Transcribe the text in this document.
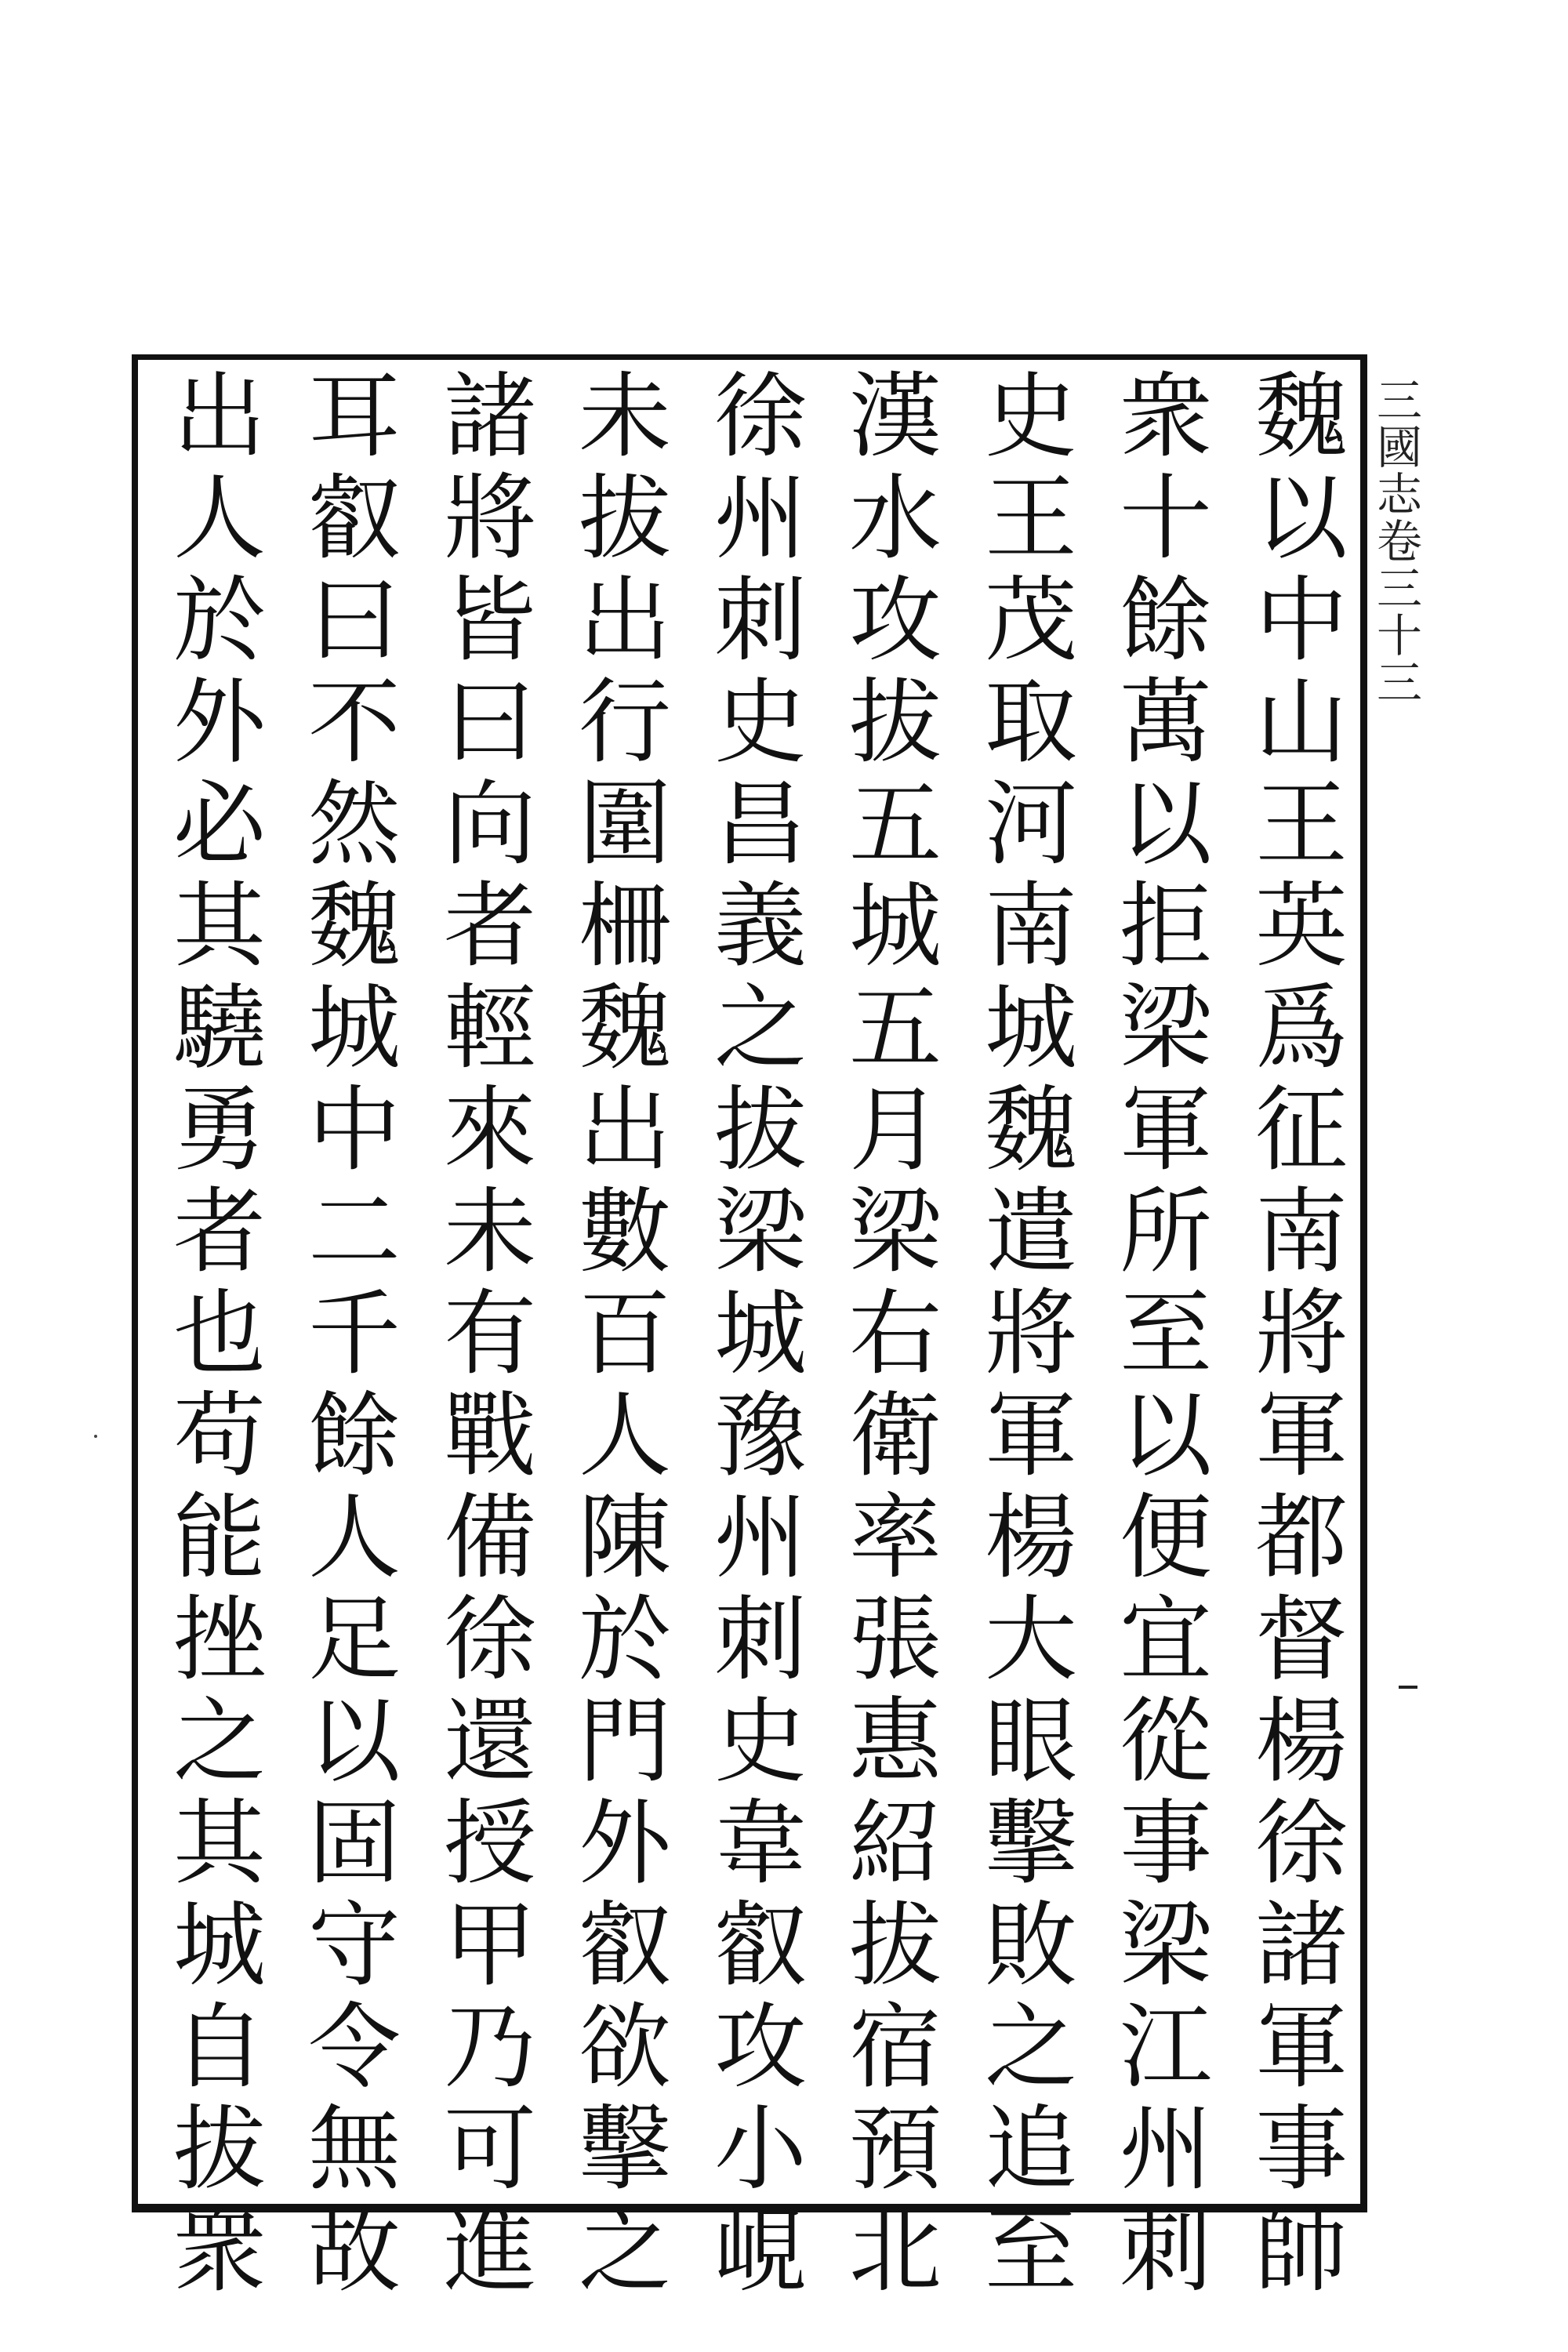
三國志卷三十三
魏以中山王英爲征南將軍都督楊徐諸軍事帥
衆十餘萬以拒梁軍所至以便宜從事梁江州刺
史王茂取河南城魏遣將軍楊大眼擊敗之追至
漢水攻拔五城五月梁右衛率張惠紹拔宿預北
徐州刺史昌義之拔梁城豫州刺史韋叡攻小峴
未拔出行圍柵魏出數百人陳於門外叡欲擊之
諸將皆曰向者輕來未有戰備徐還授甲乃可進
耳叡曰不然魏城中二千餘人足以固守令無故
出人於外必其驍勇者也苟能挫之其城自拔衆
